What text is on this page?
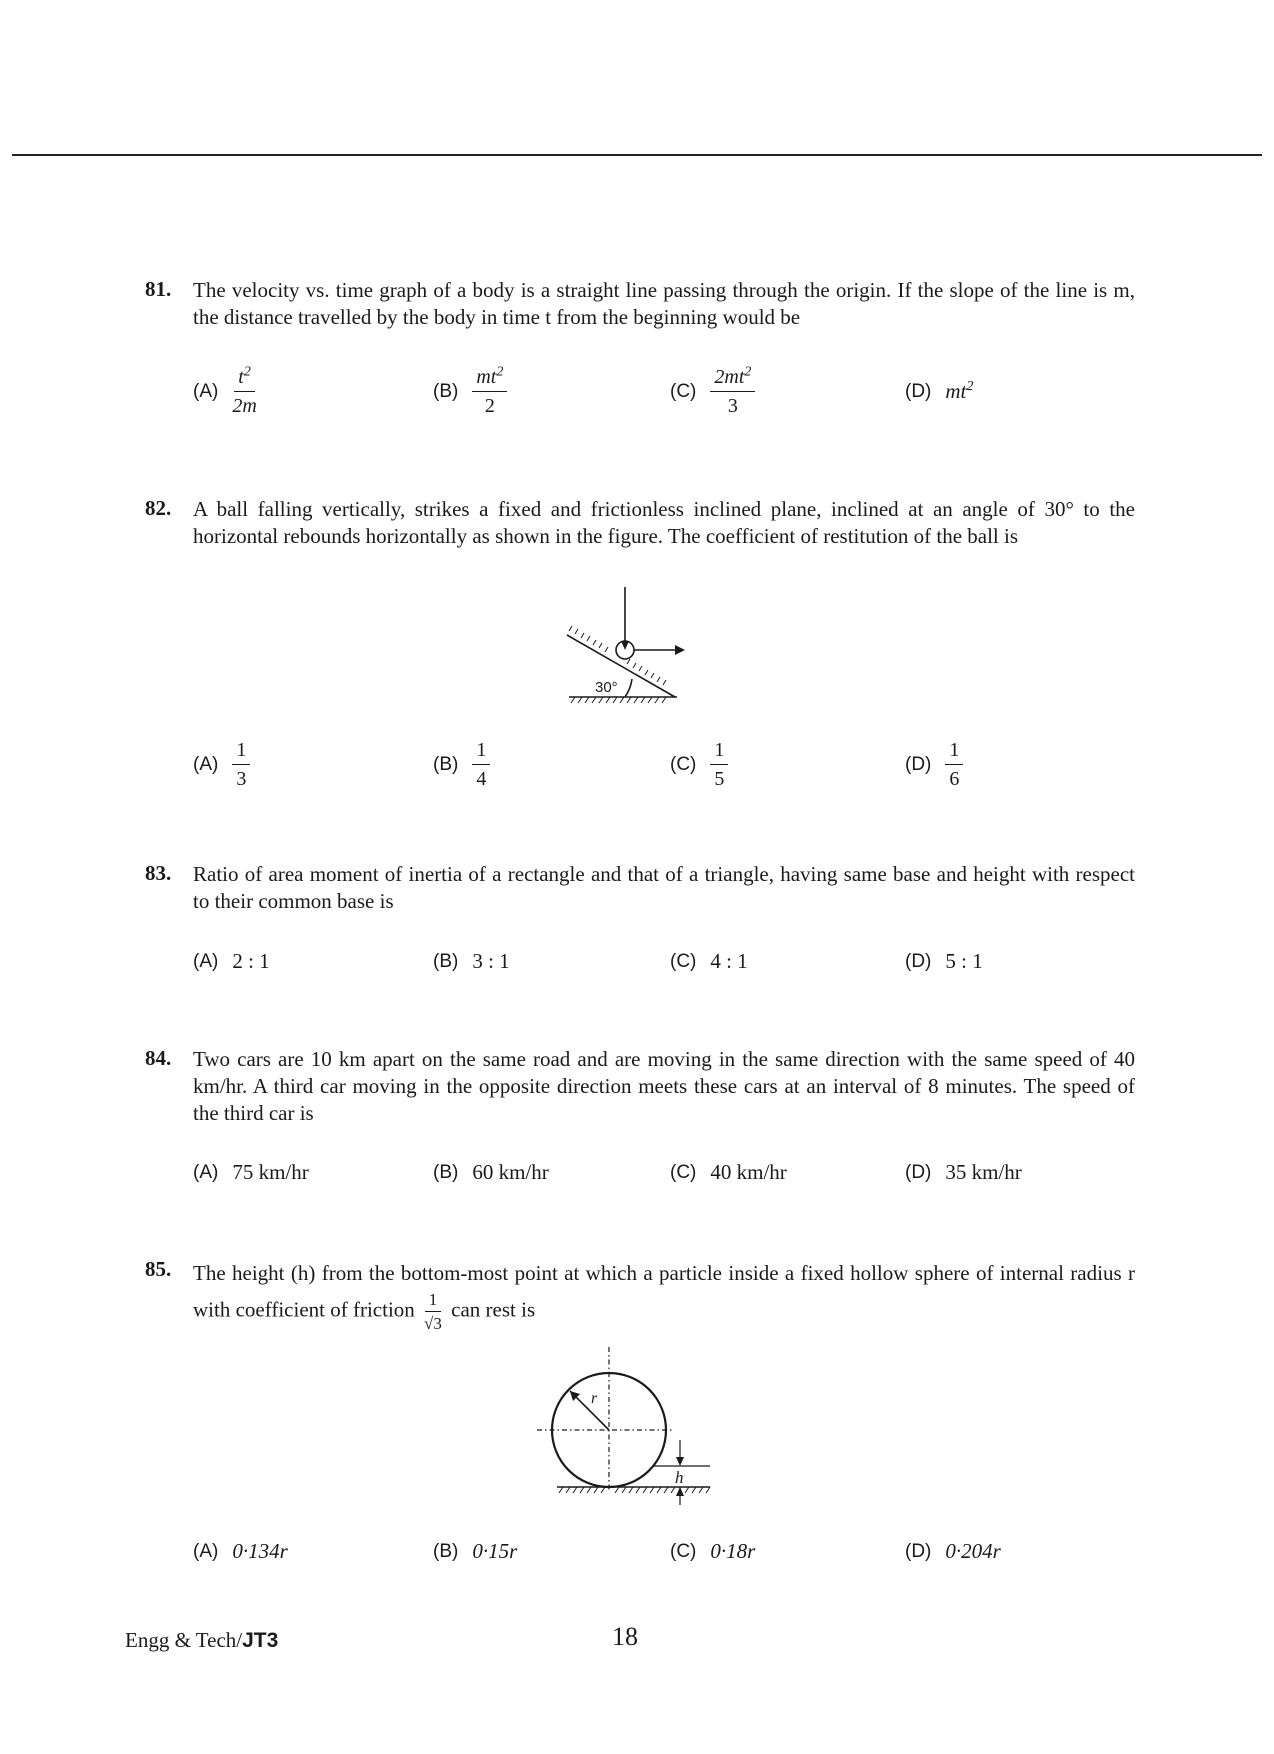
81. The velocity vs. time graph of a body is a straight line passing through the origin. If the slope of the line is m, the distance travelled by the body in time t from the beginning would be
$(A) \frac{t^2}{2m}$	$(B) \frac{mt^2}{2}$	$(C) \frac{2mt^2}{3}$	(D) $mt^2$
82. A ball falling vertically, strikes a fixed and frictionless inclined plane, inclined at an angle of 30° to the horizontal rebounds horizontally as shown in the figure. The coefficient of restitution of the ball is
$(A) \frac{1}{3}$	$(B) \frac{1}{4}$	$(C) \frac{1}{5}$	$(D) \frac{1}{6}$
30°
83. Ratio of area moment of inertia of a rectangle and that of a triangle, having same base and height with respect to their common base is
(A) 2 : 1	(B) 3 : 1	(C) 4 : 1	(D) 5 : 1
84. Two cars are 10 km apart on the same road and are moving in the same direction with the same speed of 40 km/hr. A third car moving in the opposite direction meets these cars at an interval of 8 minutes. The speed of the third car is
(A) 75 km/hr	(B) 60 km/hr	(C) 40 km/hr	(D) 35 km/hr
85. The height (h) from the bottom-most point at which a particle inside a fixed hollow sphere of internal radius r with coefficient of friction $\frac{1}{√3}$ can rest is
(A) 0·134r	(B) 0·15r	(C) 0·18r	(D) 0·204r
r
h
Engg & Tech/JT3	18
